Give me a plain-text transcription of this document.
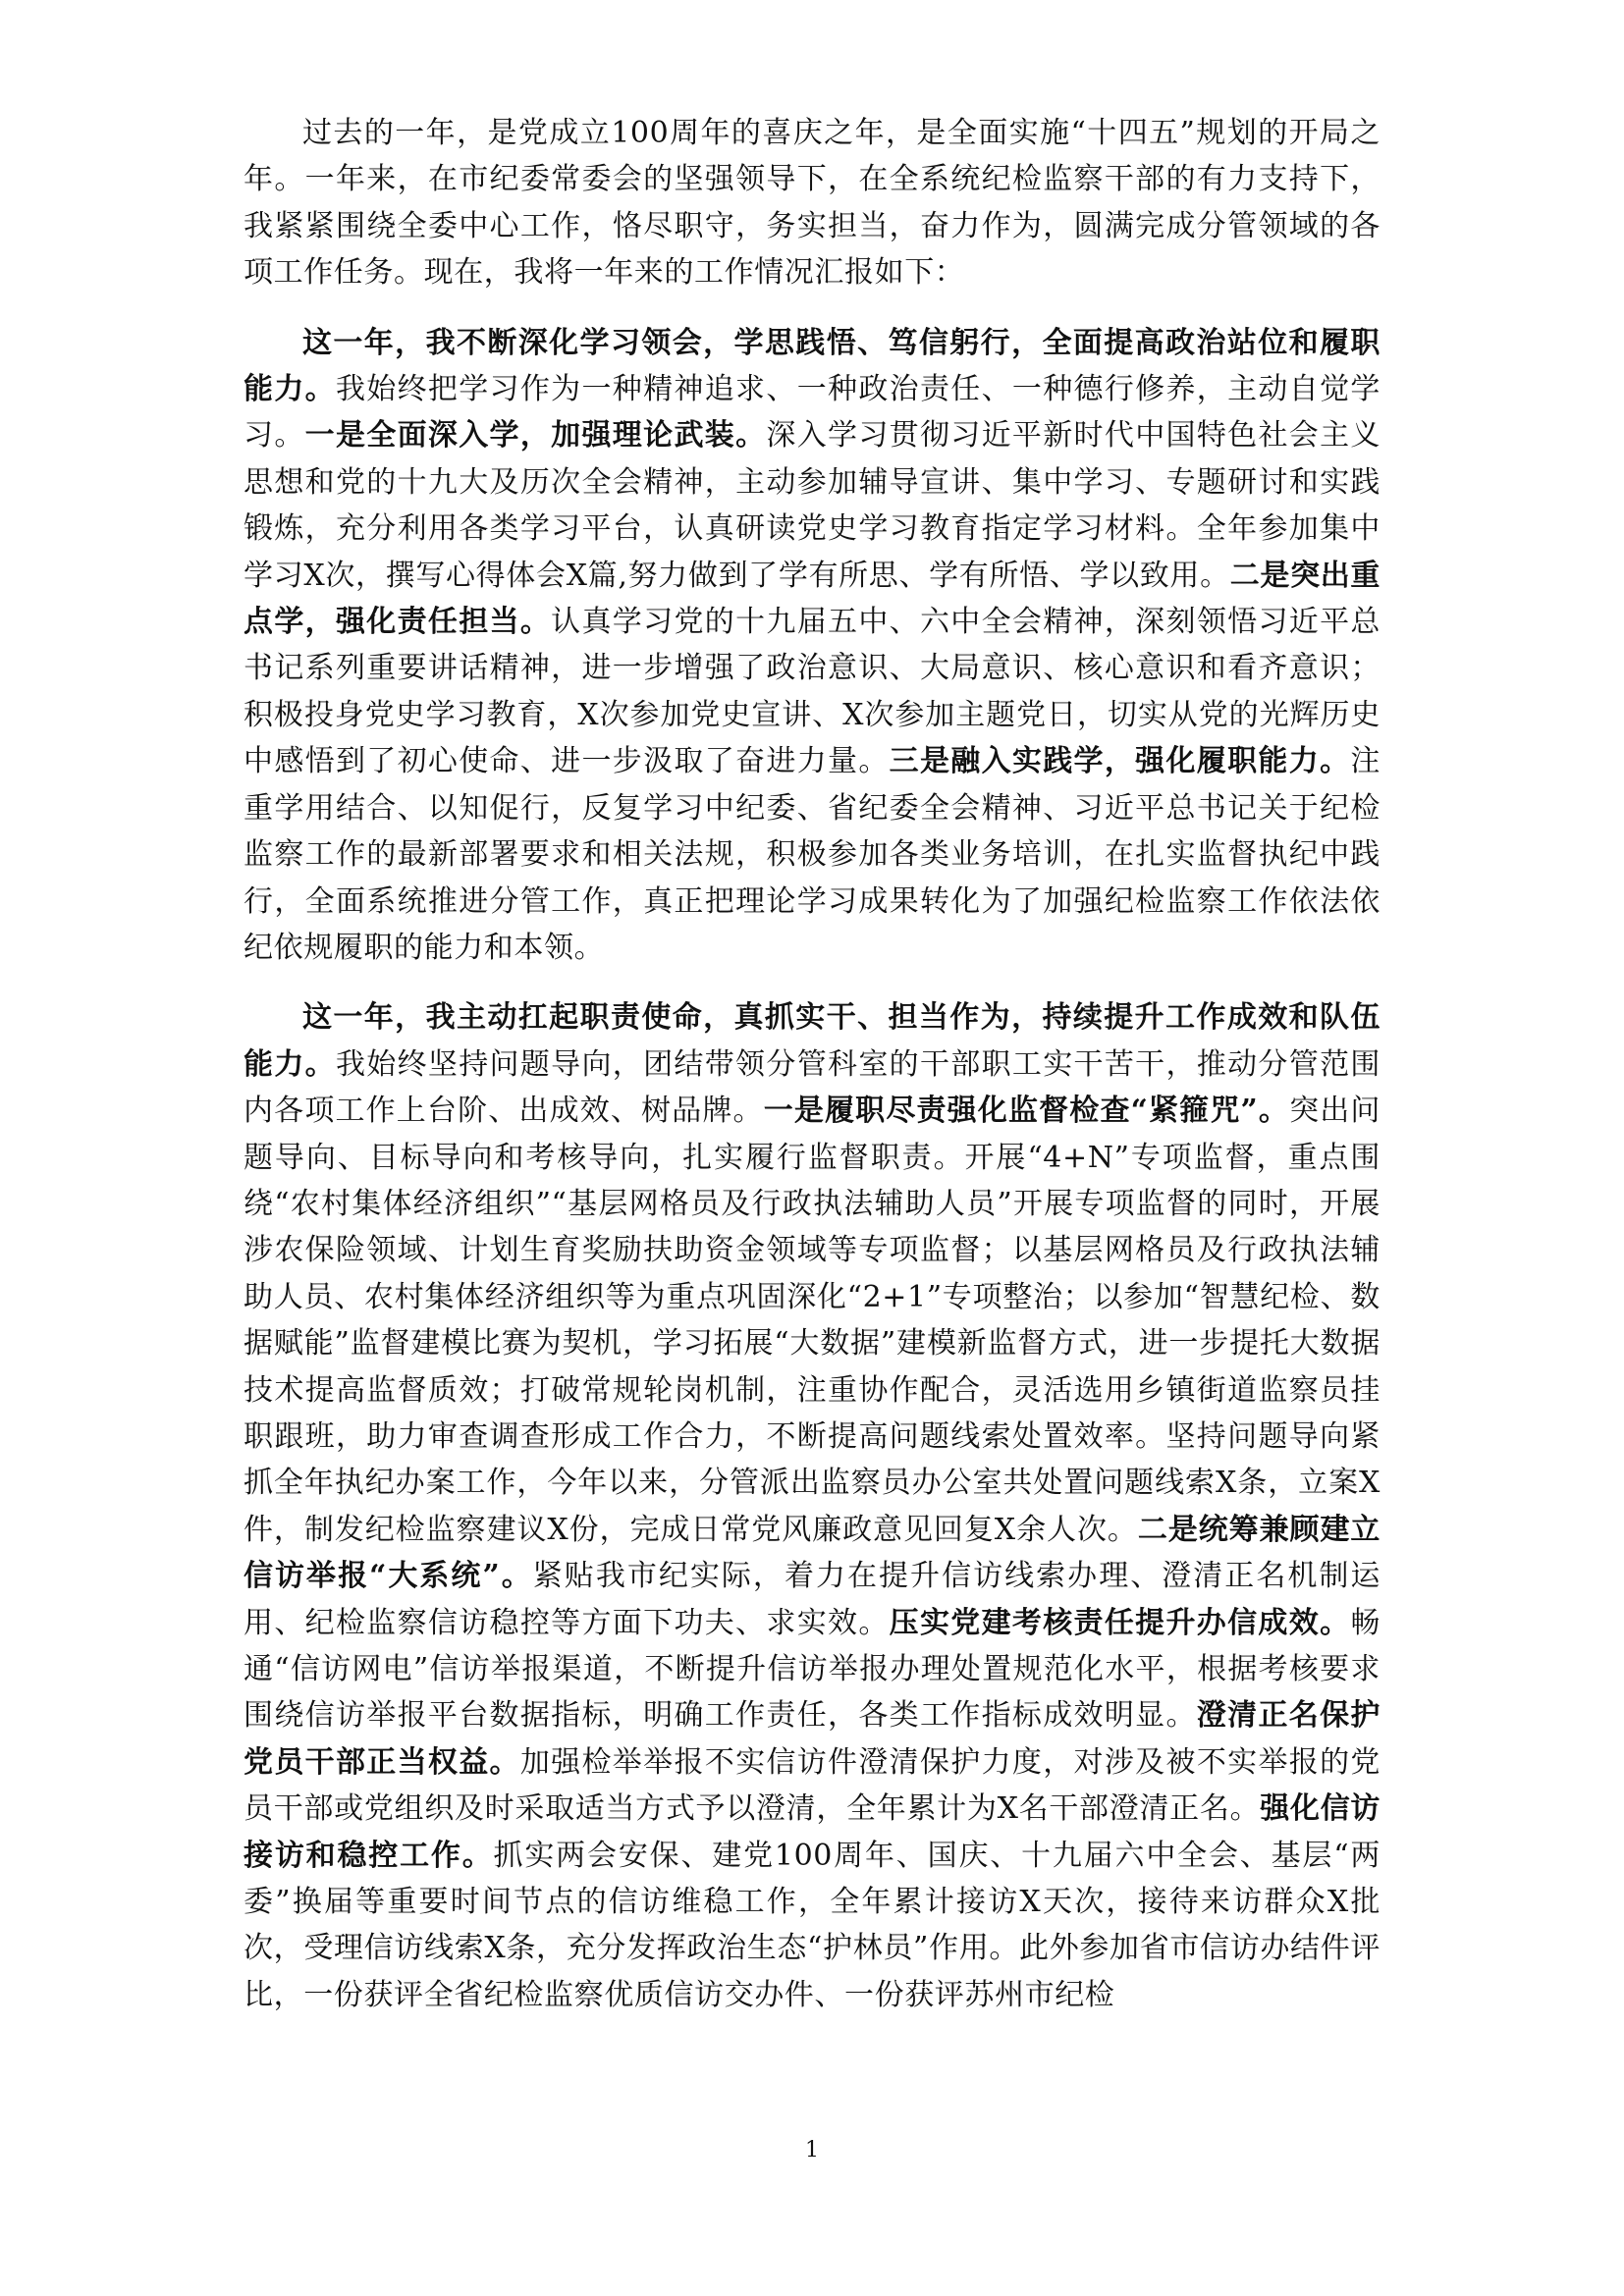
过去的一年，是党成立100周年的喜庆之年，是全面实施“十四五”规划的开局之年。一年来，在市纪委常委会的坚强领导下，在全系统纪检监察干部的有力支持下，我紧紧围绕全委中心工作，恪尽职守，务实担当，奋力作为，圆满完成分管领域的各项工作任务。现在，我将一年来的工作情况汇报如下：

这一年，我不断深化学习领会，学思践悟、笃信躬行，全面提高政治站位和履职能力。我始终把学习作为一种精神追求、一种政治责任、一种德行修养，主动自觉学习。一是全面深入学，加强理论武装。深入学习贯彻习近平新时代中国特色社会主义思想和党的十九大及历次全会精神，主动参加辅导宣讲、集中学习、专题研讨和实践锻炼，充分利用各类学习平台，认真研读党史学习教育指定学习材料。全年参加集中学习X次，撰写心得体会X篇,努力做到了学有所思、学有所悟、学以致用。二是突出重点学，强化责任担当。认真学习党的十九届五中、六中全会精神，深刻领悟习近平总书记系列重要讲话精神，进一步增强了政治意识、大局意识、核心意识和看齐意识；积极投身党史学习教育，X次参加党史宣讲、X次参加主题党日，切实从党的光辉历史中感悟到了初心使命、进一步汲取了奋进力量。三是融入实践学，强化履职能力。注重学用结合、以知促行，反复学习中纪委、省纪委全会精神、习近平总书记关于纪检监察工作的最新部署要求和相关法规，积极参加各类业务培训，在扎实监督执纪中践行，全面系统推进分管工作，真正把理论学习成果转化为了加强纪检监察工作依法依纪依规履职的能力和本领。

这一年，我主动扛起职责使命，真抓实干、担当作为，持续提升工作成效和队伍能力。我始终坚持问题导向，团结带领分管科室的干部职工实干苦干，推动分管范围内各项工作上台阶、出成效、树品牌。一是履职尽责强化监督检查“紧箍咒”。突出问题导向、目标导向和考核导向，扎实履行监督职责。开展“4+N”专项监督，重点围绕“农村集体经济组织”“基层网格员及行政执法辅助人员”开展专项监督的同时，开展涉农保险领域、计划生育奖励扶助资金领域等专项监督；以基层网格员及行政执法辅助人员、农村集体经济组织等为重点巩固深化“2+1”专项整治；以参加“智慧纪检、数据赋能”监督建模比赛为契机，学习拓展“大数据”建模新监督方式，进一步提托大数据技术提高监督质效；打破常规轮岗机制，注重协作配合，灵活选用乡镇街道监察员挂职跟班，助力审查调查形成工作合力，不断提高问题线索处置效率。坚持问题导向紧抓全年执纪办案工作，今年以来，分管派出监察员办公室共处置问题线索X条，立案X件，制发纪检监察建议X份，完成日常党风廉政意见回复X余人次。二是统筹兼顾建立信访举报“大系统”。紧贴我市纪实际，着力在提升信访线索办理、澄清正名机制运用、纪检监察信访稳控等方面下功夫、求实效。压实党建考核责任提升办信成效。畅通“信访网电”信访举报渠道，不断提升信访举报办理处置规范化水平，根据考核要求围绕信访举报平台数据指标，明确工作责任，各类工作指标成效明显。澄清正名保护党员干部正当权益。加强检举举报不实信访件澄清保护力度，对涉及被不实举报的党员干部或党组织及时采取适当方式予以澄清，全年累计为X名干部澄清正名。强化信访接访和稳控工作。抓实两会安保、建党100周年、国庆、十九届六中全会、基层“两委”换届等重要时间节点的信访维稳工作，全年累计接访X天次，接待来访群众X批次，受理信访线索X条，充分发挥政治生态“护林员”作用。此外参加省市信访办结件评比，一份获评全省纪检监察优质信访交办件、一份获评苏州市纪检

1
